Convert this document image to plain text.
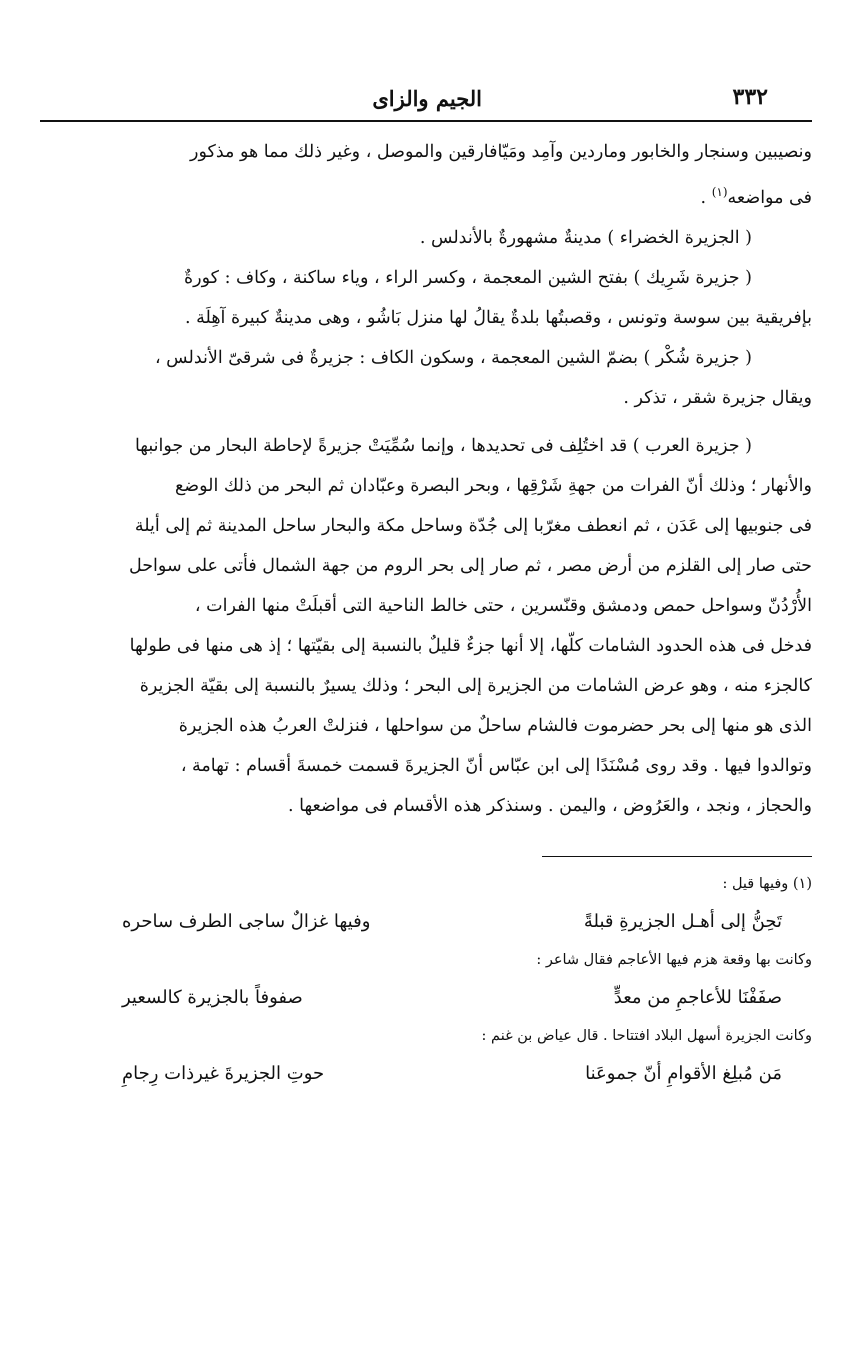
٣٣٢
الجيم والزاى

ونصيبين وسنجار والخابور وماردين وآمِد ومَيّافارقين والموصل ، وغير ذلك مما هو مذكور

فى مواضعه$^{(١)}$ .

( الجزيرة الخضراء ) مدينةٌ مشهورةٌ بالأندلس .

( جزيرة شَرِيك ) بفتح الشين المعجمة ، وكسر الراء ، وياء ساكنة ، وكاف : كورةٌ

بإفريقية بين سوسة وتونس ، وقصبتُها بلدةٌ يقالُ لها منزل بَاشُو ، وهى مدينةٌ كبيرة آهِلَة .

( جزيرة شُكْر ) بضمّ الشين المعجمة ، وسكون الكاف : جزيرةٌ فى شرقىّ الأندلس ،

ويقال جزيرة شقر ، تذكر .

( جزيرة العرب ) قد اختُلِف فى تحديدها ، وإنما سُمِّيَتْ جزيرةً لإحاطة البحار من جوانبها

والأنهار ؛ وذلك أنّ الفرات من جهةِ شَرْقِها ، وبحر البصرة وعبّادان ثم البحر من ذلك الوضع

فى جنوبيها إلى عَدَن ، ثم انعطف مغرّبا إلى جُدّة وساحل مكة والبحار ساحل المدينة ثم إلى أيلة

حتى صار إلى القلزم من أرض مصر ، ثم صار إلى بحر الروم من جهة الشمال فأتى على سواحل

الأُرْدُنّ وسواحل حمص ودمشق وقنّسرين ، حتى خالط الناحية التى أقبلَتْ منها الفرات ،

فدخل فى هذه الحدود الشامات كلّها، إلا أنها جزءٌ قليلٌ بالنسبة إلى بقيّتها ؛ إذ هى منها فى طولها

كالجزء منه ، وهو عرض الشامات من الجزيرة إلى البحر ؛ وذلك يسيرٌ بالنسبة إلى بقيّة الجزيرة

الذى هو منها إلى بحر حضرموت فالشام ساحلٌ من سواحلها ، فنزلتْ العربُ هذه الجزيرة

وتوالدوا فيها . وقد روى مُسْنَدًا إلى ابن عبّاس أنّ الجزيرةَ قسمت خمسةَ أقسام : تهامة ،

والحجاز ، ونجد ، والعَرُوض ، واليمن . وسنذكر هذه الأقسام فى مواضعها .

(١) وفيها قيل :

تَحِنُّ إلى أهـل الجزيرةِ قبلةً
وفيها غزالٌ ساجى الطرف ساحره

وكانت بها وقعة هزم فيها الأعاجم فقال شاعر :

صفَفْنَا للأعاجمِ من معدٍّ
صفوفاً بالجزيرة كالسعير

وكانت الجزيرة أسهل البلاد افتتاحا . قال عياض بن غنم :

مَن مُبلِغ الأقوامِ أنّ جموعَنا
حوتِ الجزيرةَ غيرذات رِجامِ
